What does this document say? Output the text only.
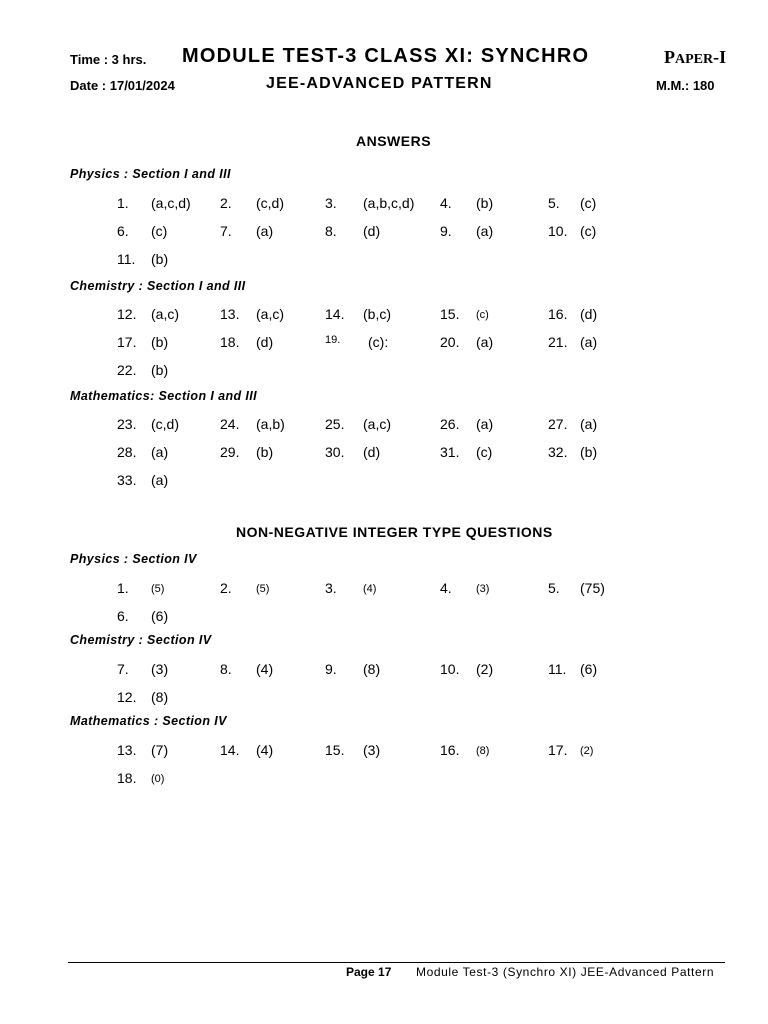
Time : 3 hrs. MODULE TEST-3 CLASS XI: SYNCHRO	PAPER-I
Date : 17/01/2024	JEE-ADVANCED PATTERN	M.M.: 180
ANSWERS
NON-NEGATIVE INTEGER TYPE QUESTIONS
Physics : Section I and III
1. (a,c,d) 2. (c,d)	3. (a,b,c,d) 4. (b)	5. (c)
6. (c)	7. (a)	8. (d)	9. (a)	10. (c)
11. (b)
Chemistry : Section I and III
12. (a,c)	13. (a,c)	14. (b,c)	15. (c)	16. (d)
17. (b)	18. (d)	19. (c):	20. (a)	21. (a)
22. (b)
Mathematics: Section I and III
23. (c,d)	24. (a,b)	25. (a,c)	26. (a)	27. (a)
28. (a)	29. (b)	30. (d)	31. (c)	32. (b)
33. (a)
Physics : Section IV
1. (5)	2. (5)	3. (4)	4. (3)	5. (75)
6. (6)
Chemistry : Section IV
7. (3)	8. (4)	9. (8)	10. (2)	11. (6)
12. (8)
Mathematics : Section IV
13. (7)	14. (4)	15. (3)	16. (8)	17. (2)
18. (0)
Page 17 Module Test-3 (Synchro XI) JEE-Advanced Pattern
